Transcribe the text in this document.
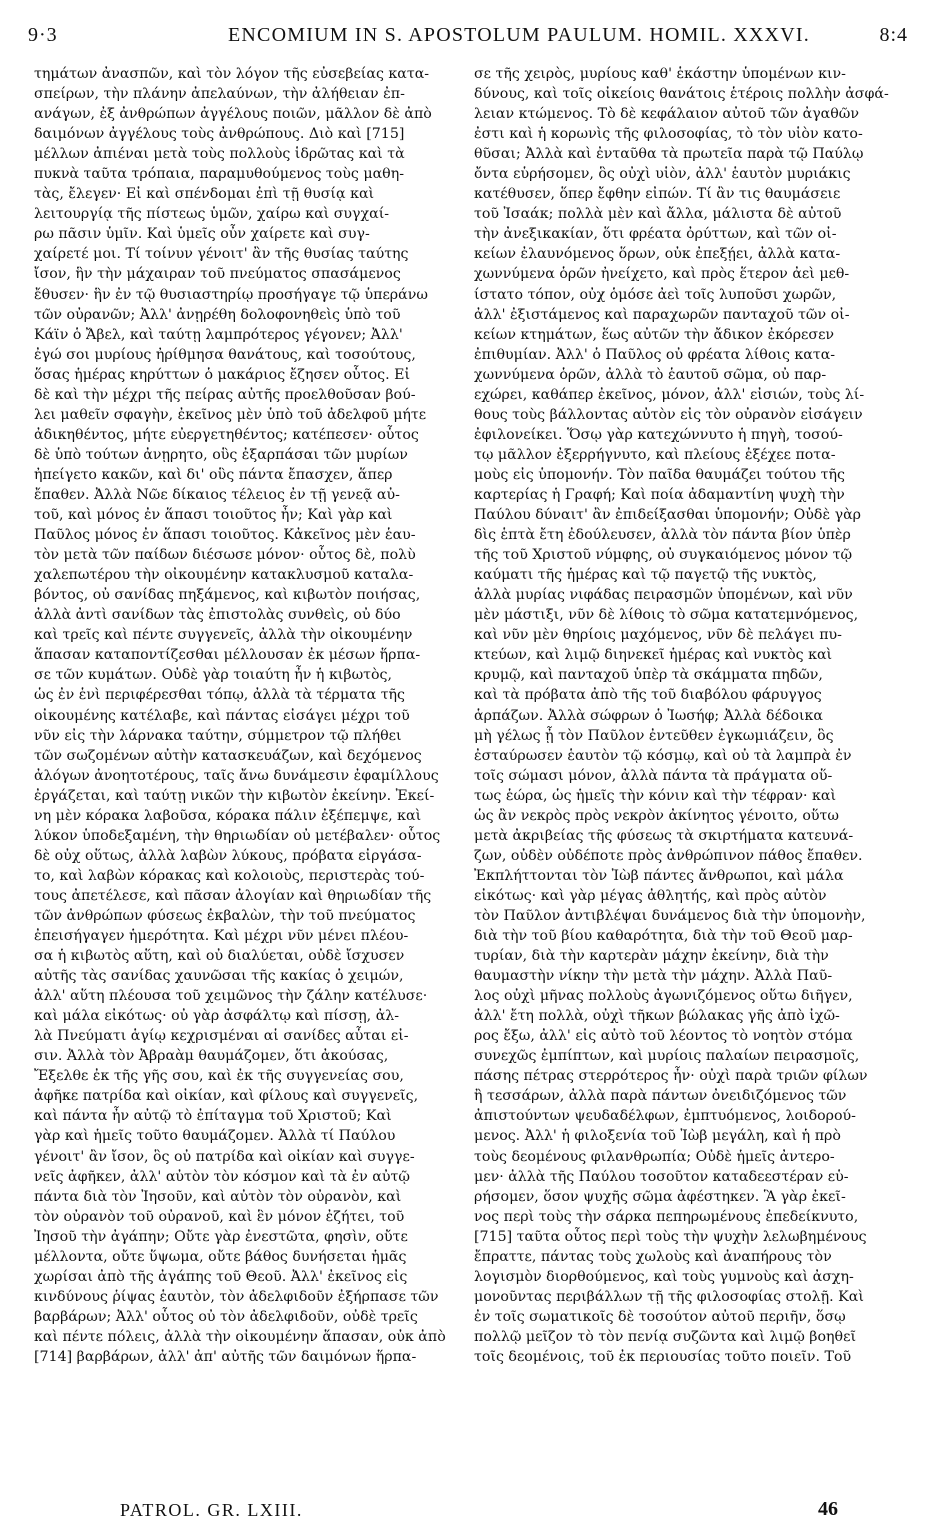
9·3	ENCOMIUM IN S. APOSTOLUM PAULUM. HOMIL. XXXVI.	8:4
τημάτων ἀνασπῶν, καὶ τὸν λόγον τῆς εὐσεβείας κατα-
σπείρων, τὴν πλάνην ἀπελαύνων, τὴν ἀλήθειαν ἐπ-
ανάγων, ἐξ ἀνθρώπων ἀγγέλους ποιῶν, μᾶλλον δὲ ἀπὸ
δαιμόνων ἀγγέλους τοὺς ἀνθρώπους. Διὸ καὶ [715]
μέλλων ἀπιέναι μετὰ τοὺς πολλοὺς ἱδρῶτας καὶ τὰ
πυκνὰ ταῦτα τρόπαια, παραμυθούμενος τοὺς μαθη-
τὰς, ἔλεγεν· Εἰ καὶ σπένδομαι ἐπὶ τῇ θυσίᾳ καὶ
λειτουργίᾳ τῆς πίστεως ὑμῶν, χαίρω καὶ συγχαί-
ρω πᾶσιν ὑμῖν. Καὶ ὑμεῖς οὖν χαίρετε καὶ συγ-
χαίρετέ μοι. Τί τοίνυν γένοιτ' ἂν τῆς θυσίας ταύτης
ἴσον, ἣν τὴν μάχαιραν τοῦ πνεύματος σπασάμενος
ἔθυσεν· ἣν ἐν τῷ θυσιαστηρίῳ προσήγαγε τῷ ὑπεράνω
τῶν οὐρανῶν; Ἀλλ' ἀνῃρέθη δολοφονηθεὶς ὑπὸ τοῦ
Κάϊν ὁ Ἄβελ, καὶ ταύτῃ λαμπρότερος γέγονεν; Ἀλλ'
ἐγώ σοι μυρίους ἠρίθμησα θανάτους, καὶ τοσούτους,
ὅσας ἡμέρας κηρύττων ὁ μακάριος ἔζησεν οὗτος. Εἰ
δὲ καὶ τὴν μέχρι τῆς πείρας αὐτῆς προελθοῦσαν βού-
λει μαθεῖν σφαγὴν, ἐκεῖνος μὲν ὑπὸ τοῦ ἀδελφοῦ μήτε
ἀδικηθέντος, μήτε εὐεργετηθέντος; κατέπεσεν· οὗτος
δὲ ὑπὸ τούτων ἀνῃρητο, οὓς ἐξαρπάσαι τῶν μυρίων
ἠπείγετο κακῶν, καὶ δι' οὓς πάντα ἔπασχεν, ἅπερ
ἔπαθεν. Ἀλλὰ Νῶε δίκαιος τέλειος ἐν τῇ γενεᾷ αὐ-
τοῦ, καὶ μόνος ἐν ἅπασι τοιοῦτος ἦν; Καὶ γὰρ καὶ
Παῦλος μόνος ἐν ἅπασι τοιοῦτος. Κἀκεῖνος μὲν ἑαυ-
τὸν μετὰ τῶν παίδων διέσωσε μόνον· οὗτος δὲ, πολὺ
χαλεπωτέρου τὴν οἰκουμένην κατακλυσμοῦ καταλα-
βόντος, οὐ σανίδας πηξάμενος, καὶ κιβωτὸν ποιήσας,
ἀλλὰ ἀντὶ σανίδων τὰς ἐπιστολὰς συνθεὶς, οὐ δύο
καὶ τρεῖς καὶ πέντε συγγενεῖς, ἀλλὰ τὴν οἰκουμένην
ἅπασαν καταποντίζεσθαι μέλλουσαν ἐκ μέσων ἥρπα-
σε τῶν κυμάτων. Οὐδὲ γὰρ τοιαύτη ἦν ἡ κιβωτὸς,
ὡς ἐν ἑνὶ περιφέρεσθαι τόπῳ, ἀλλὰ τὰ τέρματα τῆς
οἰκουμένης κατέλαβε, καὶ πάντας εἰσάγει μέχρι τοῦ
νῦν εἰς τὴν λάρνακα ταύτην, σύμμετρον τῷ πλήθει
τῶν σωζομένων αὐτὴν κατασκευάζων, καὶ δεχόμενος
ἀλόγων ἀνοητοτέρους, ταῖς ἄνω δυνάμεσιν ἐφαμίλλους
ἐργάζεται, καὶ ταύτῃ νικῶν τὴν κιβωτὸν ἐκείνην. Ἐκεί-
νη μὲν κόρακα λαβοῦσα, κόρακα πάλιν ἐξέπεμψε, καὶ
λύκον ὑποδεξαμένη, τὴν θηριωδίαν οὐ μετέβαλεν· οὗτος
δὲ οὐχ οὕτως, ἀλλὰ λαβὼν λύκους, πρόβατα εἰργάσα-
το, καὶ λαβὼν κόρακας καὶ κολοιοὺς, περιστερὰς τού-
τους ἀπετέλεσε, καὶ πᾶσαν ἀλογίαν καὶ θηριωδίαν τῆς
τῶν ἀνθρώπων φύσεως ἐκβαλὼν, τὴν τοῦ πνεύματος
ἐπεισήγαγεν ἡμερότητα. Καὶ μέχρι νῦν μένει πλέου-
σα ἡ κιβωτὸς αὕτη, καὶ οὐ διαλύεται, οὐδὲ ἴσχυσεν
αὐτῆς τὰς σανίδας χαυνῶσαι τῆς κακίας ὁ χειμών,
ἀλλ' αὕτη πλέουσα τοῦ χειμῶνος τὴν ζάλην κατέλυσε·
καὶ μάλα εἰκότως· οὐ γὰρ ἀσφάλτῳ καὶ πίσσῃ, ἀλ-
λὰ Πνεύματι ἁγίῳ κεχρισμέναι αἱ σανίδες αὗται εἰ-
σιν. Ἀλλὰ τὸν Ἀβραὰμ θαυμάζομεν, ὅτι ἀκούσας,
Ἔξελθε ἐκ τῆς γῆς σου, καὶ ἐκ τῆς συγγενείας σου,
ἀφῆκε πατρίδα καὶ οἰκίαν, καὶ φίλους καὶ συγγενεῖς,
καὶ πάντα ἦν αὐτῷ τὸ ἐπίταγμα τοῦ Χριστοῦ; Καὶ
γὰρ καὶ ἡμεῖς τοῦτο θαυμάζομεν. Ἀλλὰ τί Παύλου
γένοιτ' ἂν ἴσον, ὃς οὐ πατρίδα καὶ οἰκίαν καὶ συγγε-
νεῖς ἀφῆκεν, ἀλλ' αὐτὸν τὸν κόσμον καὶ τὰ ἐν αὐτῷ
πάντα διὰ τὸν Ἰησοῦν, καὶ αὐτὸν τὸν οὐρανὸν, καὶ
τὸν οὐρανὸν τοῦ οὐρανοῦ, καὶ ἓν μόνον ἐζήτει, τοῦ
Ἰησοῦ τὴν ἀγάπην; Οὔτε γὰρ ἐνεστῶτα, φησὶν, οὔτε
μέλλοντα, οὔτε ὕψωμα, οὔτε βάθος δυνήσεται ἡμᾶς
χωρίσαι ἀπὸ τῆς ἀγάπης τοῦ Θεοῦ. Ἀλλ' ἐκεῖνος εἰς
κινδύνους ῥίψας ἑαυτὸν, τὸν ἀδελφιδοῦν ἐξήρπασε τῶν
βαρβάρων; Ἀλλ' οὗτος οὐ τὸν ἀδελφιδοῦν, οὐδὲ τρεῖς
καὶ πέντε πόλεις, ἀλλὰ τὴν οἰκουμένην ἅπασαν, οὐκ ἀπὸ
[714] βαρβάρων, ἀλλ' ἀπ' αὐτῆς τῶν δαιμόνων ἥρπα-
σε τῆς χειρὸς, μυρίους καθ' ἑκάστην ὑπομένων κιν-
δύνους, καὶ τοῖς οἰκείοις θανάτοις ἑτέροις πολλὴν ἀσφά-
λειαν κτώμενος. Τὸ δὲ κεφάλαιον αὐτοῦ τῶν ἀγαθῶν
ἐστι καὶ ἡ κορωνὶς τῆς φιλοσοφίας, τὸ τὸν υἱὸν κατο-
θῦσαι; Ἀλλὰ καὶ ἐνταῦθα τὰ πρωτεῖα παρὰ τῷ Παύλῳ
ὄντα εὑρήσομεν, ὃς οὐχὶ υἱὸν, ἀλλ' ἑαυτὸν μυριάκις
κατέθυσεν, ὅπερ ἔφθην εἰπών. Τί ἂν τις θαυμάσειε
τοῦ Ἰσαάκ; πολλὰ μὲν καὶ ἄλλα, μάλιστα δὲ αὐτοῦ
τὴν ἀνεξικακίαν, ὅτι φρέατα ὀρύττων, καὶ τῶν οἰ-
κείων ἐλαυνόμενος ὅρων, οὐκ ἐπεξῄει, ἀλλὰ κατα-
χωννύμενα ὁρῶν ἠνείχετο, καὶ πρὸς ἕτερον ἀεὶ μεθ-
ίστατο τόπον, οὐχ ὁμόσε ἀεὶ τοῖς λυποῦσι χωρῶν,
ἀλλ' ἐξιστάμενος καὶ παραχωρῶν πανταχοῦ τῶν οἰ-
κείων κτημάτων, ἕως αὐτῶν τὴν ἄδικον ἐκόρεσεν
ἐπιθυμίαν. Ἀλλ' ὁ Παῦλος οὐ φρέατα λίθοις κατα-
χωννύμενα ὁρῶν, ἀλλὰ τὸ ἑαυτοῦ σῶμα, οὐ παρ-
εχώρει, καθάπερ ἐκεῖνος, μόνον, ἀλλ' εἰσιών, τοὺς λί-
θους τοὺς βάλλοντας αὐτὸν εἰς τὸν οὐρανὸν εἰσάγειν
ἐφιλονείκει. Ὅσῳ γὰρ κατεχώννυτο ἡ πηγὴ, τοσού-
τῳ μᾶλλον ἐξερρήγνυτο, καὶ πλείους ἐξέχεε ποτα-
μοὺς εἰς ὑπομονήν. Τὸν παῖδα θαυμάζει τούτου τῆς
καρτερίας ἡ Γραφή; Καὶ ποία ἀδαμαντίνη ψυχὴ τὴν
Παύλου δύναιτ' ἂν ἐπιδείξασθαι ὑπομονήν; Οὐδὲ γὰρ
δὶς ἑπτὰ ἔτη ἐδούλευσεν, ἀλλὰ τὸν πάντα βίον ὑπὲρ
τῆς τοῦ Χριστοῦ νύμφης, οὐ συγκαιόμενος μόνον τῷ
καύματι τῆς ἡμέρας καὶ τῷ παγετῷ τῆς νυκτὸς,
ἀλλὰ μυρίας νιφάδας πειρασμῶν ὑπομένων, καὶ νῦν
μὲν μάστιξι, νῦν δὲ λίθοις τὸ σῶμα κατατεμνόμενος,
καὶ νῦν μὲν θηρίοις μαχόμενος, νῦν δὲ πελάγει πυ-
κτεύων, καὶ λιμῷ διηνεκεῖ ἡμέρας καὶ νυκτὸς καὶ
κρυμῷ, καὶ πανταχοῦ ὑπὲρ τὰ σκάμματα πηδῶν,
καὶ τὰ πρόβατα ἀπὸ τῆς τοῦ διαβόλου φάρυγγος
ἁρπάζων. Ἀλλὰ σώφρων ὁ Ἰωσήφ; Ἀλλὰ δέδοικα
μὴ γέλως ᾖ τὸν Παῦλον ἐντεῦθεν ἐγκωμιάζειν, ὃς
ἐσταύρωσεν ἑαυτὸν τῷ κόσμῳ, καὶ οὐ τὰ λαμπρὰ ἐν
τοῖς σώμασι μόνον, ἀλλὰ πάντα τὰ πράγματα οὕ-
τως ἑώρα, ὡς ἡμεῖς τὴν κόνιν καὶ τὴν τέφραν· καὶ
ὡς ἂν νεκρὸς πρὸς νεκρὸν ἀκίνητος γένοιτο, οὕτω
μετὰ ἀκριβείας τῆς φύσεως τὰ σκιρτήματα κατευνά-
ζων, οὐδὲν οὐδέποτε πρὸς ἀνθρώπινον πάθος ἔπαθεν.
Ἐκπλήττονται τὸν Ἰὼβ πάντες ἄνθρωποι, καὶ μάλα
εἰκότως· καὶ γὰρ μέγας ἀθλητής, καὶ πρὸς αὐτὸν
τὸν Παῦλον ἀντιβλέψαι δυνάμενος διὰ τὴν ὑπομονὴν,
διὰ τὴν τοῦ βίου καθαρότητα, διὰ τὴν τοῦ Θεοῦ μαρ-
τυρίαν, διὰ τὴν καρτερὰν μάχην ἐκείνην, διὰ τὴν
θαυμαστὴν νίκην τὴν μετὰ τὴν μάχην. Ἀλλὰ Παῦ-
λος οὐχὶ μῆνας πολλοὺς ἀγωνιζόμενος οὕτω διῆγεν,
ἀλλ' ἔτη πολλὰ, οὐχὶ τῆκων βώλακας γῆς ἀπὸ ἰχῶ-
ρος ἔξω, ἀλλ' εἰς αὐτὸ τοῦ λέοντος τὸ νοητὸν στόμα
συνεχῶς ἐμπίπτων, καὶ μυρίοις παλαίων πειρασμοῖς,
πάσης πέτρας στερρότερος ἦν· οὐχὶ παρὰ τριῶν φίλων
ἢ τεσσάρων, ἀλλὰ παρὰ πάντων ὀνειδιζόμενος τῶν
ἀπιστούντων ψευδαδέλφων, ἐμπτυόμενος, λοιδορού-
μενος. Ἀλλ' ἡ φιλοξενία τοῦ Ἰὼβ μεγάλη, καὶ ἡ πρὸ
τοὺς δεομένους φιλανθρωπία; Οὐδὲ ἡμεῖς ἀντερο-
μεν· ἀλλὰ τῆς Παύλου τοσοῦτον καταδεεστέραν εὑ-
ρήσομεν, ὅσον ψυχῆς σῶμα ἀφέστηκεν. Ἃ γὰρ ἐκεῖ-
νος περὶ τοὺς τὴν σάρκα πεπηρωμένους ἐπεδείκνυτο,
[715] ταῦτα οὗτος περὶ τοὺς τὴν ψυχὴν λελωβημένους
ἔπραττε, πάντας τοὺς χωλοὺς καὶ ἀναπήρους τὸν
λογισμὸν διορθούμενος, καὶ τοὺς γυμνοὺς καὶ ἀσχη-
μονοῦντας περιβάλλων τῇ τῆς φιλοσοφίας στολῇ. Καὶ
ἐν τοῖς σωματικοῖς δὲ τοσούτον αὐτοῦ περιῆν, ὅσῳ
πολλῷ μεῖζον τὸ τὸν πενίᾳ συζῶντα καὶ λιμῷ βοηθεῖ
τοῖς δεομένοις, τοῦ ἐκ περιουσίας τοῦτο ποιεῖν. Τοῦ
PATROL. GR. LXIII.	46
